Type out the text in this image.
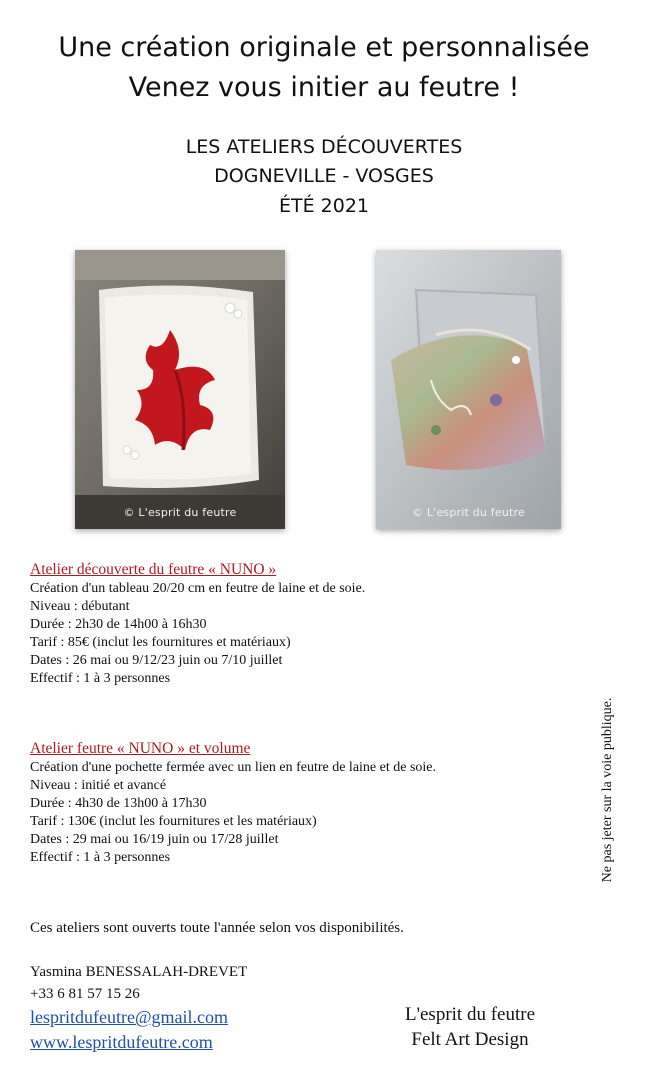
Une création originale et personnalisée
Venez vous initier au feutre !
LES ATELIERS DÉCOUVERTES
DOGNEVILLE - VOSGES
ÉTÉ 2021
© L'esprit du feutre	© L'esprit du feutre
Atelier découverte du feutre « NUNO »
Création d'un tableau 20/20 cm en feutre de laine et de soie.
Niveau : débutant
Durée : 2h30 de 14h00 à 16h30
Tarif : 85€ (inclut les fournitures et matériaux)
Dates : 26 mai ou 9/12/23 juin ou 7/10 juillet
Effectif : 1 à 3 personnes
Atelier feutre « NUNO » et volume
Création d'une pochette fermée avec un lien en feutre de laine et de soie.
Niveau : initié et avancé
Durée : 4h30 de 13h00 à 17h30
Tarif : 130€ (inclut les fournitures et les matériaux)
Dates : 29 mai ou 16/19 juin ou 17/28 juillet
Effectif : 1 à 3 personnes	Ne pas jeter sur la voie publique.
Ces ateliers sont ouverts toute l'année selon vos disponibilités.
Yasmina BENESSALAH-DREVET
+33 6 81 57 15 26
lespritdufeutre@gmail.com
www.lespritdufeutre.com
L'esprit du feutre
Felt Art Design
